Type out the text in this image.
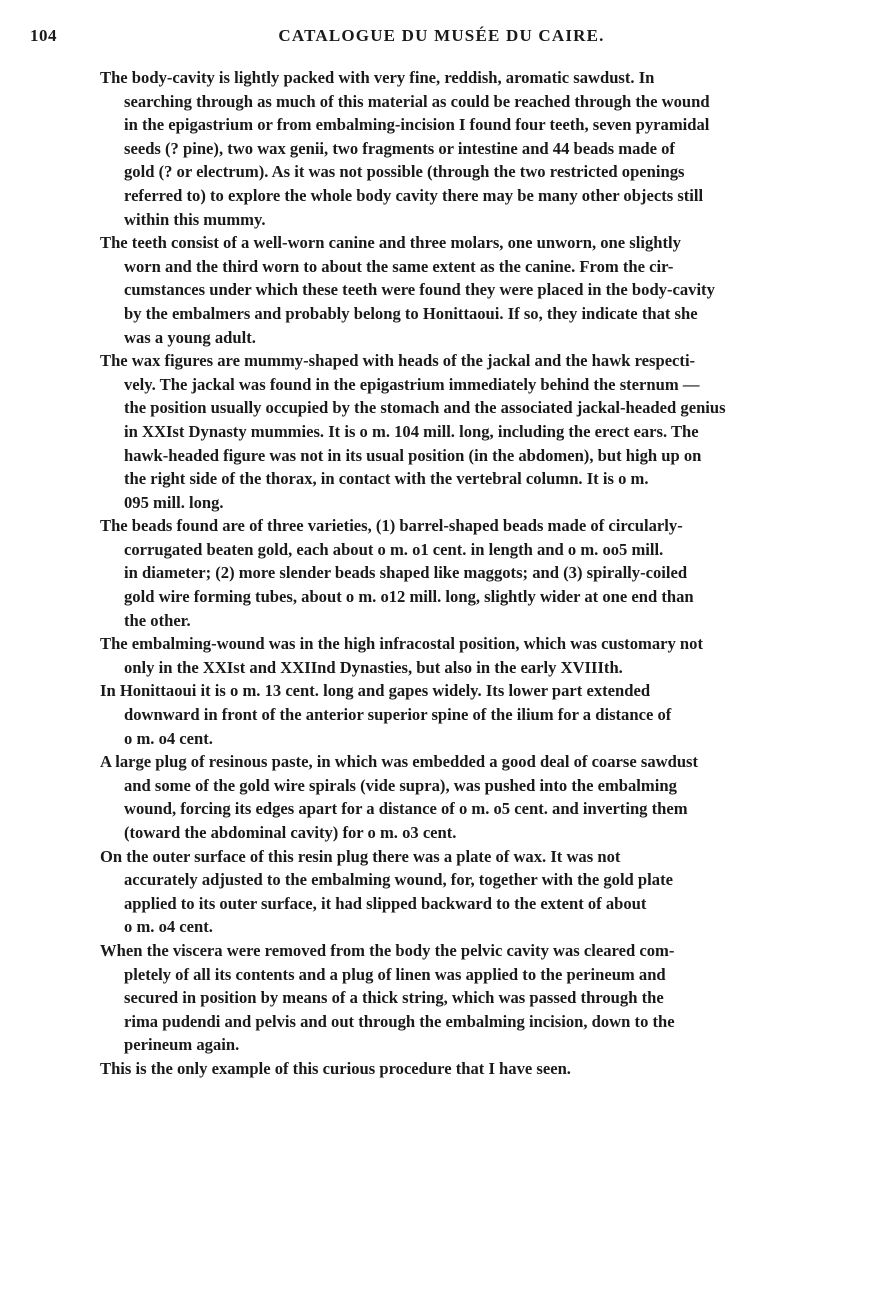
104	CATALOGUE DU MUSÉE DU CAIRE.

The body-cavity is lightly packed with very fine, reddish, aromatic sawdust. In
searching through as much of this material as could be reached through the wound
in the epigastrium or from embalming-incision I found four teeth, seven pyramidal
seeds (? pine), two wax genii, two fragments or intestine and 44 beads made of
gold (? or electrum). As it was not possible (through the two restricted openings
referred to) to explore the whole body cavity there may be many other objects still
within this mummy.

The teeth consist of a well-worn canine and three molars, one unworn, one slightly
worn and the third worn to about the same extent as the canine. From the cir-
cumstances under which these teeth were found they were placed in the body-cavity
by the embalmers and probably belong to Honittaoui. If so, they indicate that she
was a young adult.

The wax figures are mummy-shaped with heads of the jackal and the hawk respecti-
vely. The jackal was found in the epigastrium immediately behind the sternum —
the position usually occupied by the stomach and the associated jackal-headed genius
in XXIst Dynasty mummies. It is o m. 104 mill. long, including the erect ears. The
hawk-headed figure was not in its usual position (in the abdomen), but high up on
the right side of the thorax, in contact with the vertebral column. It is o m.
095 mill. long.

The beads found are of three varieties, (1) barrel-shaped beads made of circularly-
corrugated beaten gold, each about o m. o1 cent. in length and o m. oo5 mill.
in diameter; (2) more slender beads shaped like maggots; and (3) spirally-coiled
gold wire forming tubes, about o m. o12 mill. long, slightly wider at one end than
the other.

The embalming-wound was in the high infracostal position, which was customary not
only in the XXIst and XXIInd Dynasties, but also in the early XVIIIth.

In Honittaoui it is o m. 13 cent. long and gapes widely. Its lower part extended
downward in front of the anterior superior spine of the ilium for a distance of
o m. o4 cent.

A large plug of resinous paste, in which was embedded a good deal of coarse sawdust
and some of the gold wire spirals (vide supra), was pushed into the embalming
wound, forcing its edges apart for a distance of o m. o5 cent. and inverting them
(toward the abdominal cavity) for o m. o3 cent.

On the outer surface of this resin plug there was a plate of wax. It was not
accurately adjusted to the embalming wound, for, together with the gold plate
applied to its outer surface, it had slipped backward to the extent of about
o m. o4 cent.

When the viscera were removed from the body the pelvic cavity was cleared com-
pletely of all its contents and a plug of linen was applied to the perineum and
secured in position by means of a thick string, which was passed through the
rima pudendi and pelvis and out through the embalming incision, down to the
perineum again.

This is the only example of this curious procedure that I have seen.
